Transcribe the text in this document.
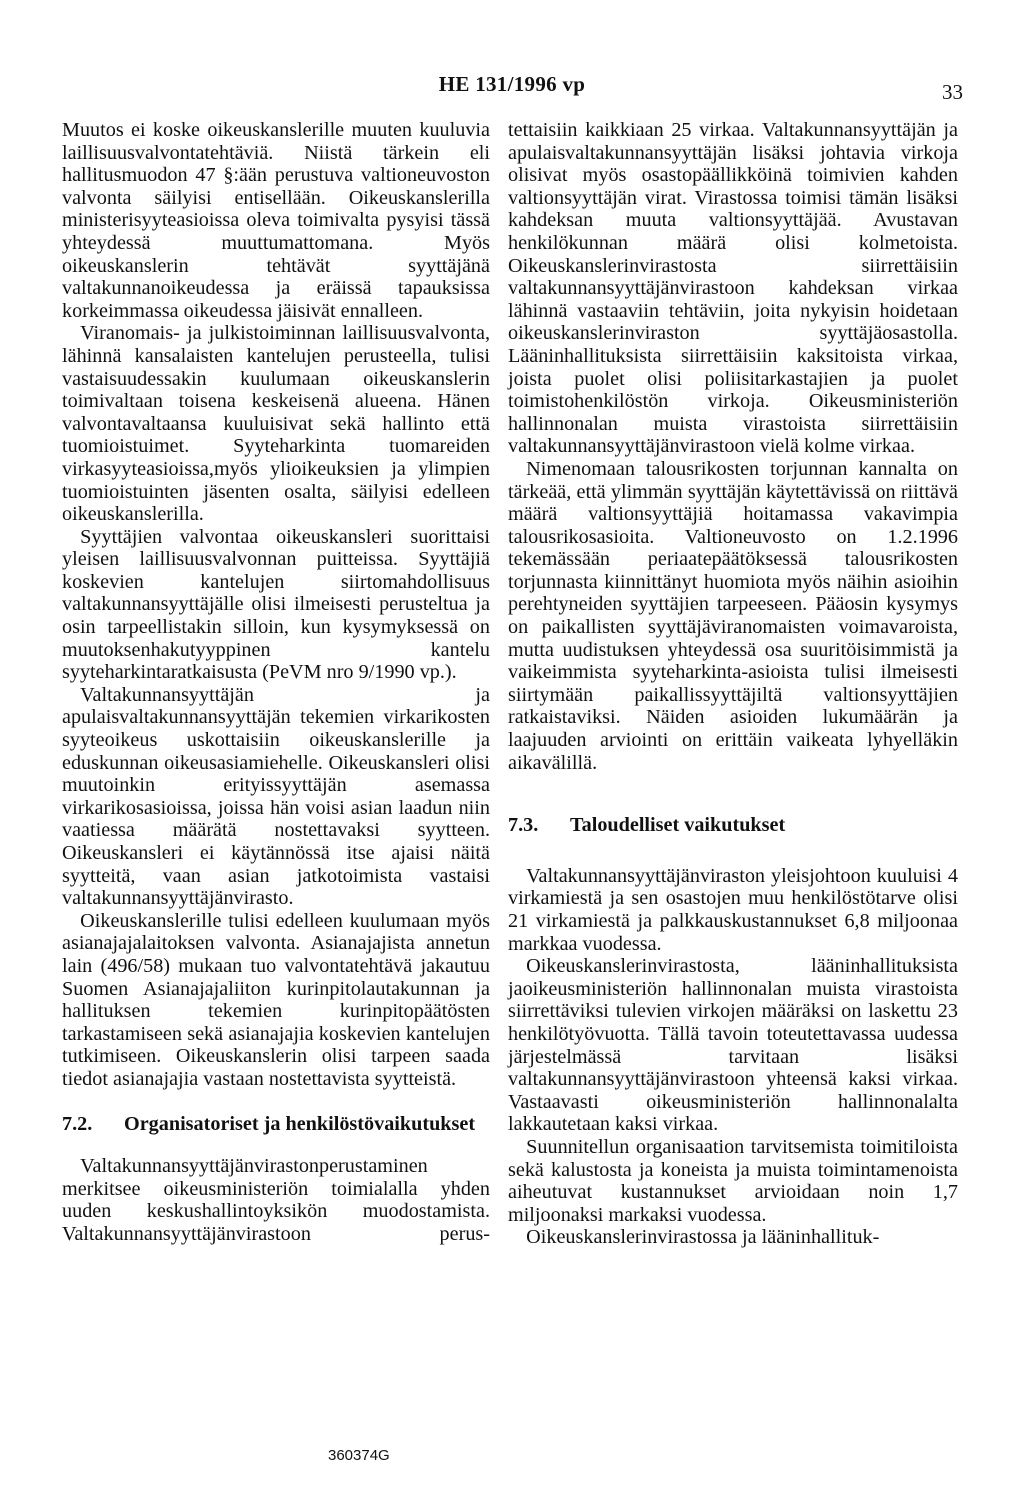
HE 131/1996 vp	33

Muutos ei koske oikeuskanslerille muuten kuuluvia laillisuusvalvontatehtäviä. Niistä tärkein eli hallitusmuodon 47 §:ään perustuva valtioneuvoston valvonta säilyisi entisellään. Oikeuskanslerilla ministerisyyteasioissa oleva toimivalta pysyisi tässä yhteydessä muuttumattomana. Myös oikeuskanslerin tehtävät syyttäjänä valtakunnanoikeudessa ja eräissä tapauksissa korkeimmassa oikeudessa jäisivät ennalleen.

Viranomais- ja julkistoiminnan laillisuusvalvonta, lähinnä kansalaisten kantelujen perusteella, tulisi vastaisuudessakin kuulumaan oikeuskanslerin toimivaltaan toisena keskeisenä alueena. Hänen valvontavaltaansa kuuluisivat sekä hallinto että tuomioistuimet. Syyteharkinta tuomareiden virkasyyteasioissa,myös ylioikeuksien ja ylimpien tuomioistuinten jäsenten osalta, säilyisi edelleen oikeuskanslerilla.

Syyttäjien valvontaa oikeuskansleri suorittaisi yleisen laillisuusvalvonnan puitteissa. Syyttäjiä koskevien kantelujen siirtomahdollisuus valtakunnansyyttäjälle olisi ilmeisesti perusteltua ja osin tarpeellistakin silloin, kun kysymyksessä on muutoksenhakutyyppinen kantelu syyteharkintaratkaisusta (PeVM nro 9/1990 vp.).

Valtakunnansyyttäjän ja apulaisvaltakunnansyyttäjän tekemien virkarikosten syyteoikeus uskottaisiin oikeuskanslerille ja eduskunnan oikeusasiamiehelle. Oikeuskansleri olisi muutoinkin erityissyyttäjän asemassa virkarikosasioissa, joissa hän voisi asian laadun niin vaatiessa määrätä nostettavaksi syytteen. Oikeuskansleri ei käytännössä itse ajaisi näitä syytteitä, vaan asian jatkotoimista vastaisi valtakunnansyyttäjänvirasto.

Oikeuskanslerille tulisi edelleen kuulumaan myös asianajajalaitoksen valvonta. Asianajajista annetun lain (496/58) mukaan tuo valvontatehtävä jakautuu Suomen Asianajajaliiton kurinpitolautakunnan ja hallituksen tekemien kurinpitopäätösten tarkastamiseen sekä asianajajia koskevien kantelujen tutkimiseen. Oikeuskanslerin olisi tarpeen saada tiedot asianajajia vastaan nostettavista syytteistä.

7.2.	Organisatoriset ja henkilöstövaikutukset

Valtakunnansyyttäjänvirastonperustaminen merkitsee oikeusministeriön toimialalla yhden uuden keskushallintoyksikön muodostamista. Valtakunnansyyttäjänvirastoon perus-

tettaisiin kaikkiaan 25 virkaa. Valtakunnansyyttäjän ja apulaisvaltakunnansyyttäjän lisäksi johtavia virkoja olisivat myös osastopäällikköinä toimivien kahden valtionsyyttäjän virat. Virastossa toimisi tämän lisäksi kahdeksan muuta valtionsyyttäjää. Avustavan henkilökunnan määrä olisi kolmetoista. Oikeuskanslerinvirastosta siirrettäisiin valtakunnansyyttäjänvirastoon kahdeksan virkaa lähinnä vastaaviin tehtäviin, joita nykyisin hoidetaan oikeuskanslerinviraston syyttäjäosastolla. Lääninhallituksista siirrettäisiin kaksitoista virkaa, joista puolet olisi poliisitarkastajien ja puolet toimistohenkilöstön virkoja. Oikeusministeriön hallinnonalan muista virastoista siirrettäisiin valtakunnansyyttäjänvirastoon vielä kolme virkaa.

Nimenomaan talousrikosten torjunnan kannalta on tärkeää, että ylimmän syyttäjän käytettävissä on riittävä määrä valtionsyyttäjiä hoitamassa vakavimpia talousrikosasioita. Valtioneuvosto on 1.2.1996 tekemässään periaatepäätöksessä talousrikosten torjunnasta kiinnittänyt huomiota myös näihin asioihin perehtyneiden syyttäjien tarpeeseen. Pääosin kysymys on paikallisten syyttäjäviranomaisten voimavaroista, mutta uudistuksen yhteydessä osa suuritöisimmistä ja vaikeimmista syyteharkinta-asioista tulisi ilmeisesti siirtymään paikallissyyttäjiltä valtionsyyttäjien ratkaistaviksi. Näiden asioiden lukumäärän ja laajuuden arviointi on erittäin vaikeata lyhyelläkin aikavälillä.

7.3.	Taloudelliset vaikutukset

Valtakunnansyyttäjänviraston yleisjohtoon kuuluisi 4 virkamiestä ja sen osastojen muu henkilöstötarve olisi 21 virkamiestä ja palkkauskustannukset 6,8 miljoonaa markkaa vuodessa.

Oikeuskanslerinvirastosta, lääninhallituksista jaoikeusministeriön hallinnonalan muista virastoista siirrettäviksi tulevien virkojen määräksi on laskettu 23 henkilötyövuotta. Tällä tavoin toteutettavassa uudessa järjestelmässä tarvitaan lisäksi valtakunnansyyttäjänvirastoon yhteensä kaksi virkaa. Vastaavasti oikeusministeriön hallinnonalalta lakkautetaan kaksi virkaa.

Suunnitellun organisaation tarvitsemista toimitiloista sekä kalustosta ja koneista ja muista toimintamenoista aiheutuvat kustannukset arvioidaan noin 1,7 miljoonaksi markaksi vuodessa.

Oikeuskanslerinvirastossa ja lääninhallituk-

360374G
